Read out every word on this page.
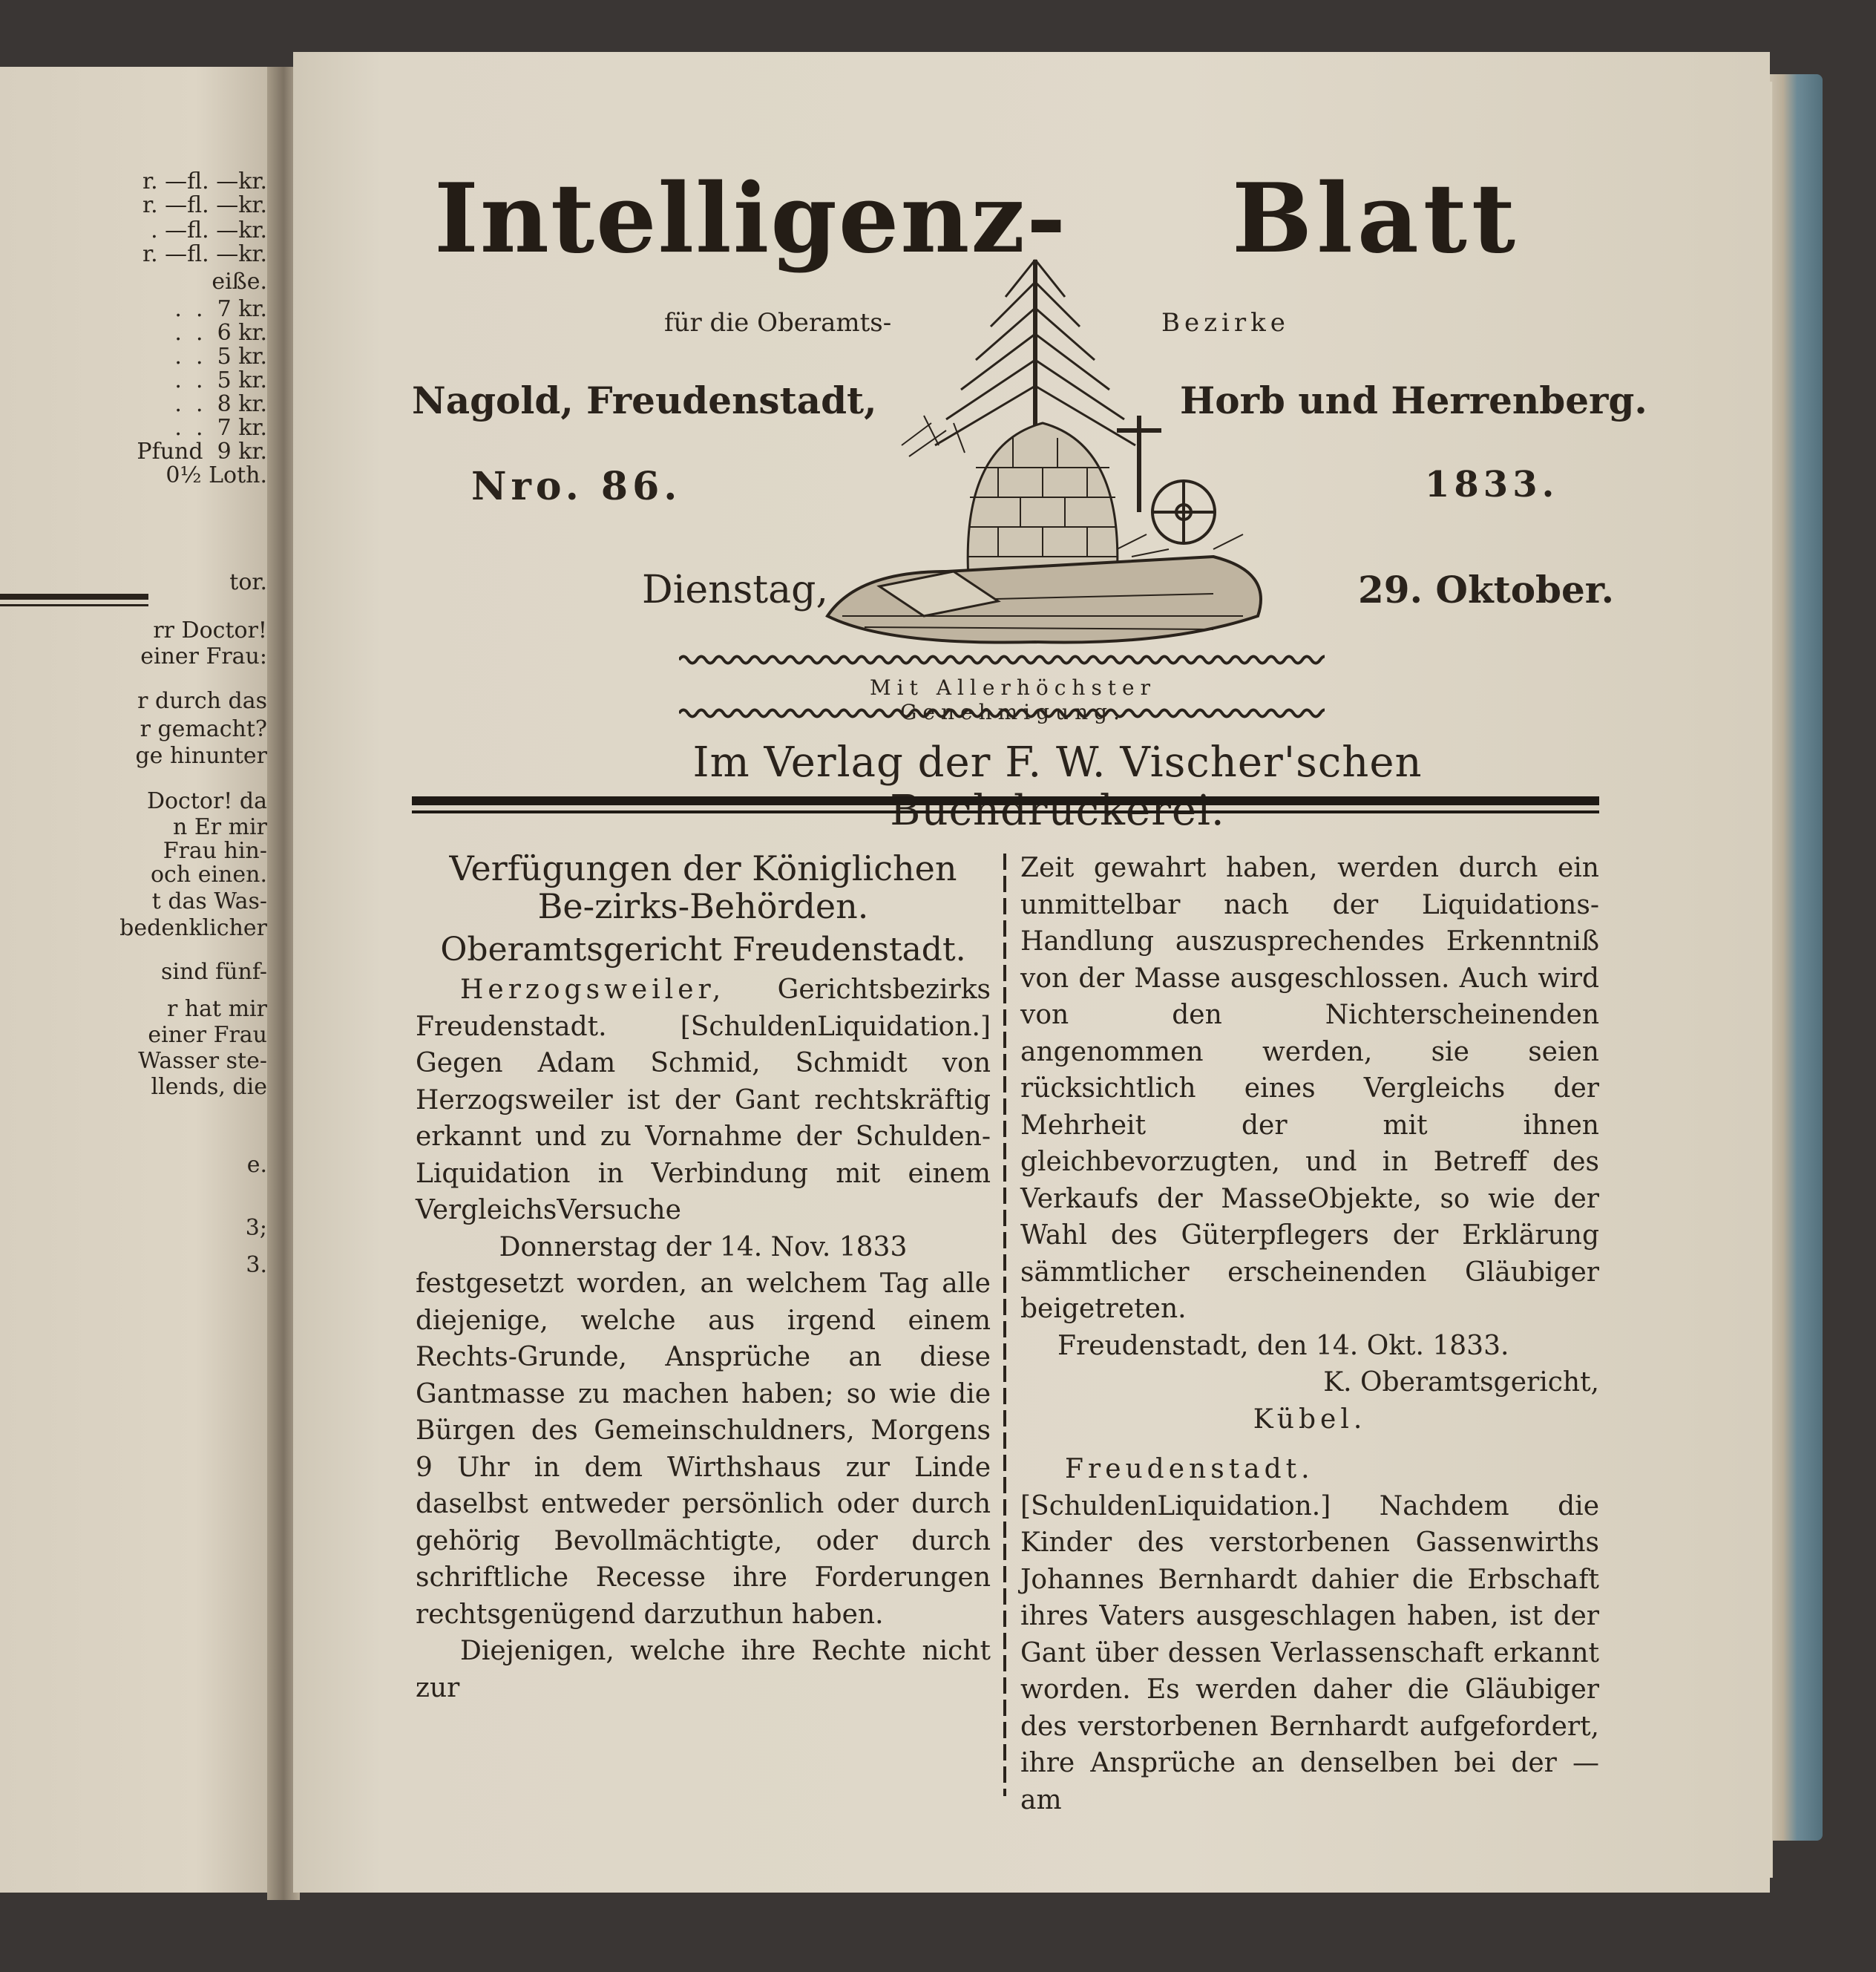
r. —fl. —kr.
r. —fl. —kr.
. —fl. —kr.
r. —fl. —kr.
eiße.
.  .  7 kr.
.  .  6 kr.
.  .  5 kr.
.  .  5 kr.
.  .  8 kr.
.  .  7 kr.
Pfund  9 kr.
0½ Loth.
tor.
rr Doctor!
einer Frau:
r durch das
r gemacht?
ge hinunter
Doctor! da
n Er mir
Frau hin-
och einen.
t das Was-
bedenklicher
sind fünf-
r hat mir
einer Frau
Wasser ste-
llends, die
e.
3;
3.
Intelligenz- Blatt
für die Oberamts-	Bezirke
Nagold, Freudenstadt,	Horb und Herrenberg.
Nro. 86.	1833.
Dienstag,	29. Oktober.
Mit Allerhöchster Genehmigung.
Im Verlag der F. W. Vischer'schen

Verfügungen der Königlichen Be-zirks-Behörden.

Oberamtsgericht Freudenstadt.

Herzogsweiler, Gerichtsbezirks Freudenstadt. [SchuldenLiquidation.] Gegen Adam Schmid, Schmidt von Herzogsweiler ist der Gant rechtskräftig erkannt und zu Vornahme der Schulden-Liquidation in Verbindung mit einem VergleichsVersuche

Donnerstag der 14. Nov. 1833

festgesetzt worden, an welchem Tag alle diejenige, welche aus irgend einem Rechts-Grunde, Ansprüche an diese Gantmasse zu machen haben; so wie die Bürgen des Gemeinschuldners, Morgens 9 Uhr in dem Wirthshaus zur Linde daselbst entweder persönlich oder durch gehörig Bevollmächtigte, oder durch schriftliche Recesse ihre Forderungen rechtsgenügend darzuthun haben.

Diejenigen, welche ihre Rechte nicht zur

Zeit gewahrt haben, werden durch ein unmittelbar nach der Liquidations-Handlung auszusprechendes Erkenntniß von der Masse ausgeschlossen. Auch wird von den Nichterscheinenden angenommen werden, sie seien rücksichtlich eines Vergleichs der Mehrheit der mit ihnen gleichbevorzugten, und in Betreff des Verkaufs der MasseObjekte, so wie der Wahl des Güterpflegers der Erklärung sämmtlicher erscheinenden Gläubiger beigetreten.

Freudenstadt, den 14. Okt. 1833.

K. Oberamtsgericht,

Kübel.

Freudenstadt. [SchuldenLiquidation.] Nachdem die Kinder des verstorbenen Gassenwirths Johannes Bernhardt dahier die Erbschaft ihres Vaters ausgeschlagen haben, ist der Gant über dessen Verlassenschaft erkannt worden. Es werden daher die Gläubiger des verstorbenen Bernhardt aufgefordert, ihre Ansprüche an denselben bei der — am
